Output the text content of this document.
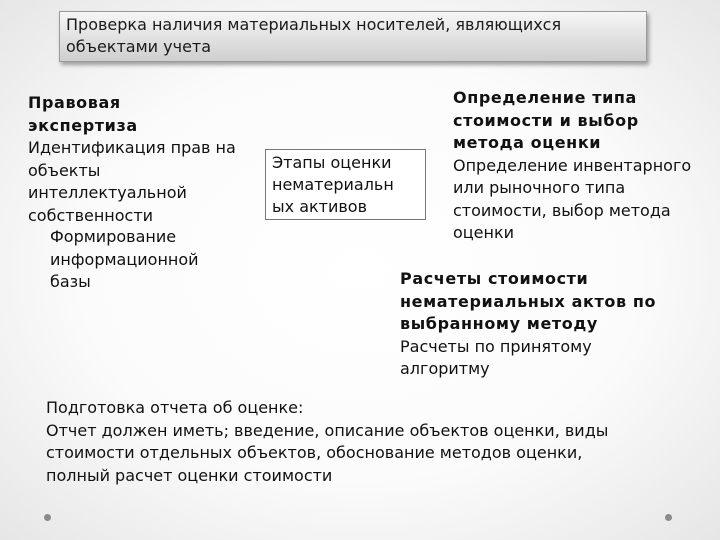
Проверка наличия материальных носителей, являющихся объектами учета
Правовая экспертиза
Идентификация прав на объекты интеллектуальной собственности
Формирование информационной базы
Этапы оценки нематериальн ых активов
Определение типа стоимости и выбор метода оценки
Определение инвентарного или рыночного типа стоимости, выбор метода оценки
Расчеты стоимости нематериальных актов по выбранному методу
Расчеты по принятому алгоритму
Подготовка отчета об оценке:
Отчет должен иметь; введение, описание объектов оценки, виды стоимости отдельных объектов, обоснование методов оценки, полный расчет оценки стоимости
